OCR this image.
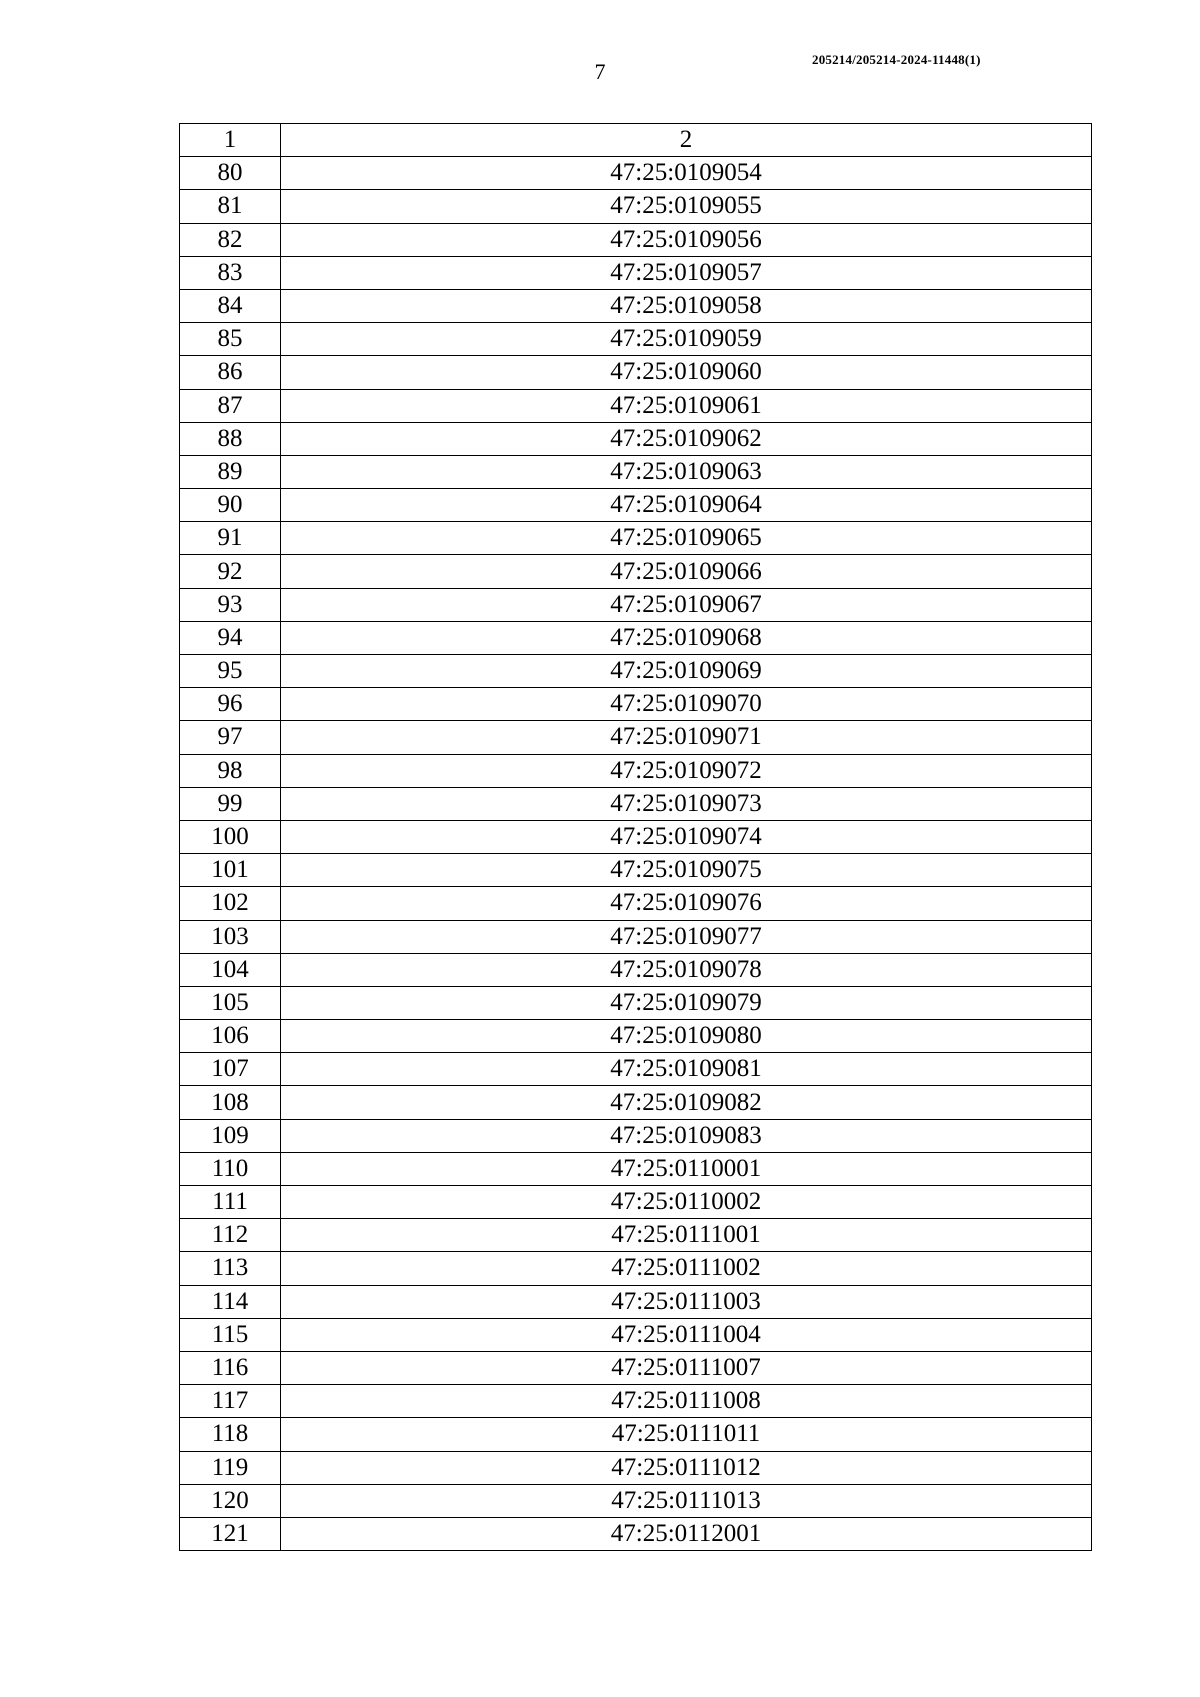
7	205214/205214-2024-11448(1)
1	2
80	47:25:0109054
81	47:25:0109055
82	47:25:0109056
83	47:25:0109057
84	47:25:0109058
85	47:25:0109059
86	47:25:0109060
87	47:25:0109061
88	47:25:0109062
89	47:25:0109063
90	47:25:0109064
91	47:25:0109065
92	47:25:0109066
93	47:25:0109067
94	47:25:0109068
95	47:25:0109069
96	47:25:0109070
97	47:25:0109071
98	47:25:0109072
99	47:25:0109073
100	47:25:0109074
101	47:25:0109075
102	47:25:0109076
103	47:25:0109077
104	47:25:0109078
105	47:25:0109079
106	47:25:0109080
107	47:25:0109081
108	47:25:0109082
109	47:25:0109083
110	47:25:0110001
111	47:25:0110002
112	47:25:0111001
113	47:25:0111002
114	47:25:0111003
115	47:25:0111004
116	47:25:0111007
117	47:25:0111008
118	47:25:0111011
119	47:25:0111012
120	47:25:0111013
121	47:25:0112001
